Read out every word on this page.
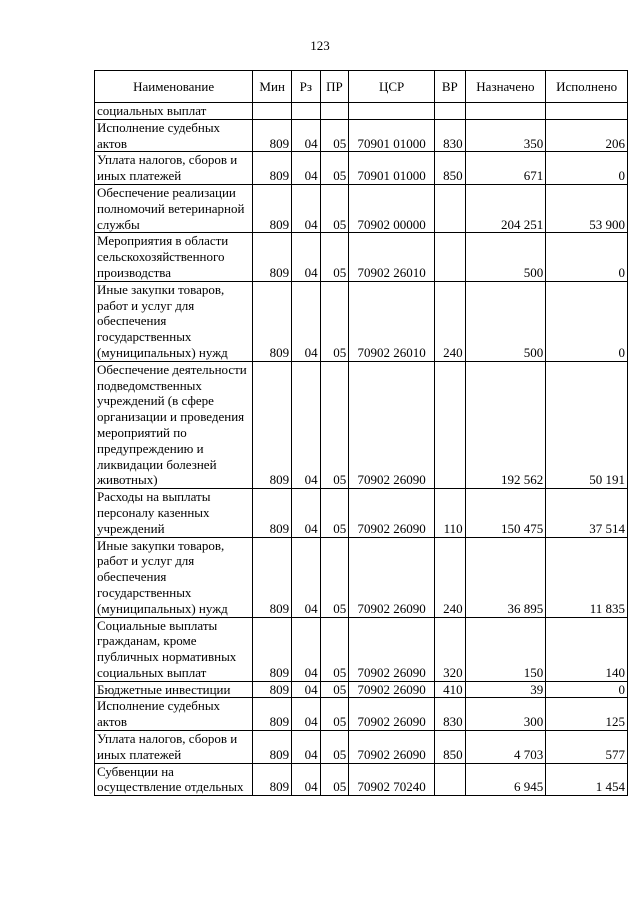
123
Наименование	Мин	Рз	ПР	ЦСР	ВР	Назначено	Исполнено
социальных выплат							
Исполнение судебных актов	809	04	05	70901 01000	830	350	206
Уплата налогов, сборов и иных платежей	809	04	05	70901 01000	850	671	0
Обеспечение реализации полномочий ветеринарной службы	809	04	05	70902 00000		204 251	53 900
Мероприятия в области сельскохозяйственного производства	809	04	05	70902 26010		500	0
Иные закупки товаров, работ и услуг для обеспечения государственных (муниципальных) нужд	809	04	05	70902 26010	240	500	0
Обеспечение деятельности подведомственных учреждений (в сфере организации и проведения мероприятий по предупреждению и ликвидации болезней животных)	809	04	05	70902 26090		192 562	50 191
Расходы на выплаты персоналу казенных учреждений	809	04	05	70902 26090	110	150 475	37 514
Иные закупки товаров, работ и услуг для обеспечения государственных (муниципальных) нужд	809	04	05	70902 26090	240	36 895	11 835
Социальные выплаты гражданам, кроме публичных нормативных социальных выплат	809	04	05	70902 26090	320	150	140
Бюджетные инвестиции	809	04	05	70902 26090	410	39	0
Исполнение судебных актов	809	04	05	70902 26090	830	300	125
Уплата налогов, сборов и иных платежей	809	04	05	70902 26090	850	4 703	577
Субвенции на осуществление отдельных	809	04	05	70902 70240		6 945	1 454
